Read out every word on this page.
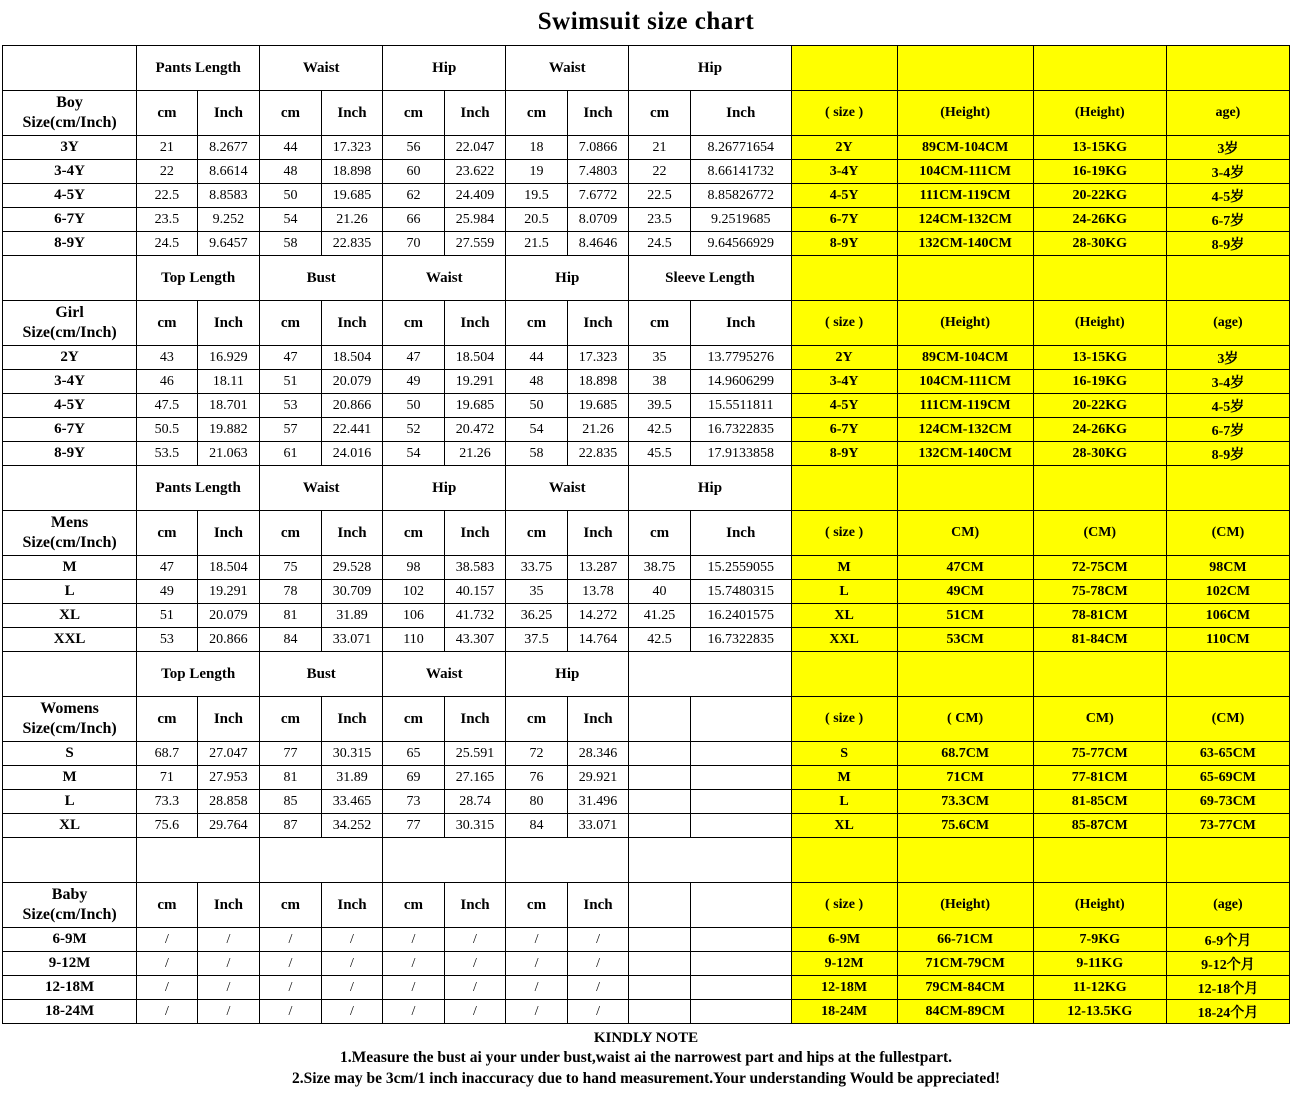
Swimsuit size chart
	Pants Length		Waist		Hip		Waist		Hip					

Boy
Size(cm/Inch)	cm	Inch	cm	Inch	cm	Inch	cm	Inch	cm	Inch	( size )	(Height)	(Height)	age)
3Y	21	8.2677	44	17.323	56	22.047	18	7.0866	21	8.26771654	2Y	89CM-104CM	13-15KG	3岁
3-4Y	22	8.6614	48	18.898	60	23.622	19	7.4803	22	8.66141732	3-4Y	104CM-111CM	16-19KG	3-4岁
4-5Y	22.5	8.8583	50	19.685	62	24.409	19.5	7.6772	22.5	8.85826772	4-5Y	111CM-119CM	20-22KG	4-5岁
6-7Y	23.5	9.252	54	21.26	66	25.984	20.5	8.0709	23.5	9.2519685	6-7Y	124CM-132CM	24-26KG	6-7岁
8-9Y	24.5	9.6457	58	22.835	70	27.559	21.5	8.4646	24.5	9.64566929	8-9Y	132CM-140CM	28-30KG	8-9岁
	Top Length		Bust		Waist		Hip		Sleeve Length					

Girl
Size(cm/Inch)	cm	Inch	cm	Inch	cm	Inch	cm	Inch	cm	Inch	( size )	(Height)	(Height)	(age)
2Y	43	16.929	47	18.504	47	18.504	44	17.323	35	13.7795276	2Y	89CM-104CM	13-15KG	3岁
3-4Y	46	18.11	51	20.079	49	19.291	48	18.898	38	14.9606299	3-4Y	104CM-111CM	16-19KG	3-4岁
4-5Y	47.5	18.701	53	20.866	50	19.685	50	19.685	39.5	15.5511811	4-5Y	111CM-119CM	20-22KG	4-5岁
6-7Y	50.5	19.882	57	22.441	52	20.472	54	21.26	42.5	16.7322835	6-7Y	124CM-132CM	24-26KG	6-7岁
8-9Y	53.5	21.063	61	24.016	54	21.26	58	22.835	45.5	17.9133858	8-9Y	132CM-140CM	28-30KG	8-9岁
	Pants Length		Waist		Hip		Waist		Hip					

Mens
Size(cm/Inch)	cm	Inch	cm	Inch	cm	Inch	cm	Inch	cm	Inch	( size )	CM)	(CM)	(CM)
M	47	18.504	75	29.528	98	38.583	33.75	13.287	38.75	15.2559055	M	47CM	72-75CM	98CM
L	49	19.291	78	30.709	102	40.157	35	13.78	40	15.7480315	L	49CM	75-78CM	102CM
XL	51	20.079	81	31.89	106	41.732	36.25	14.272	41.25	16.2401575	XL	51CM	78-81CM	106CM
XXL	53	20.866	84	33.071	110	43.307	37.5	14.764	42.5	16.7322835	XXL	53CM	81-84CM	110CM
	Top Length		Bust		Waist		Hip							

Womens
Size(cm/Inch)	cm	Inch	cm	Inch	cm	Inch	cm	Inch			( size )	( CM)	CM)	(CM)
S	68.7	27.047	77	30.315	65	25.591	72	28.346			S	68.7CM	75-77CM	63-65CM
M	71	27.953	81	31.89	69	27.165	76	29.921			M	71CM	77-81CM	65-69CM
L	73.3	28.858	85	33.465	73	28.74	80	31.496			L	73.3CM	81-85CM	69-73CM
XL	75.6	29.764	87	34.252	77	30.315	84	33.071			XL	75.6CM	85-87CM	73-77CM

Baby
Size(cm/Inch)	cm	Inch	cm	Inch	cm	Inch	cm	Inch			( size )	(Height)	(Height)	(age)
6-9M	/	/	/	/	/	/	/	/			6-9M	66-71CM	7-9KG	6-9个月
9-12M	/	/	/	/	/	/	/	/			9-12M	71CM-79CM	9-11KG	9-12个月
12-18M	/	/	/	/	/	/	/	/			12-18M	79CM-84CM	11-12KG	12-18个月
18-24M	/	/	/	/	/	/	/	/			18-24M	84CM-89CM	12-13.5KG	18-24个月
KINDLY NOTE
1.Measure the bust ai your under bust,waist ai the narrowest part and hips at the fullestpart.
2.Size may be 3cm/1 inch inaccuracy due to hand measurement.Your understanding Would be appreciated!
